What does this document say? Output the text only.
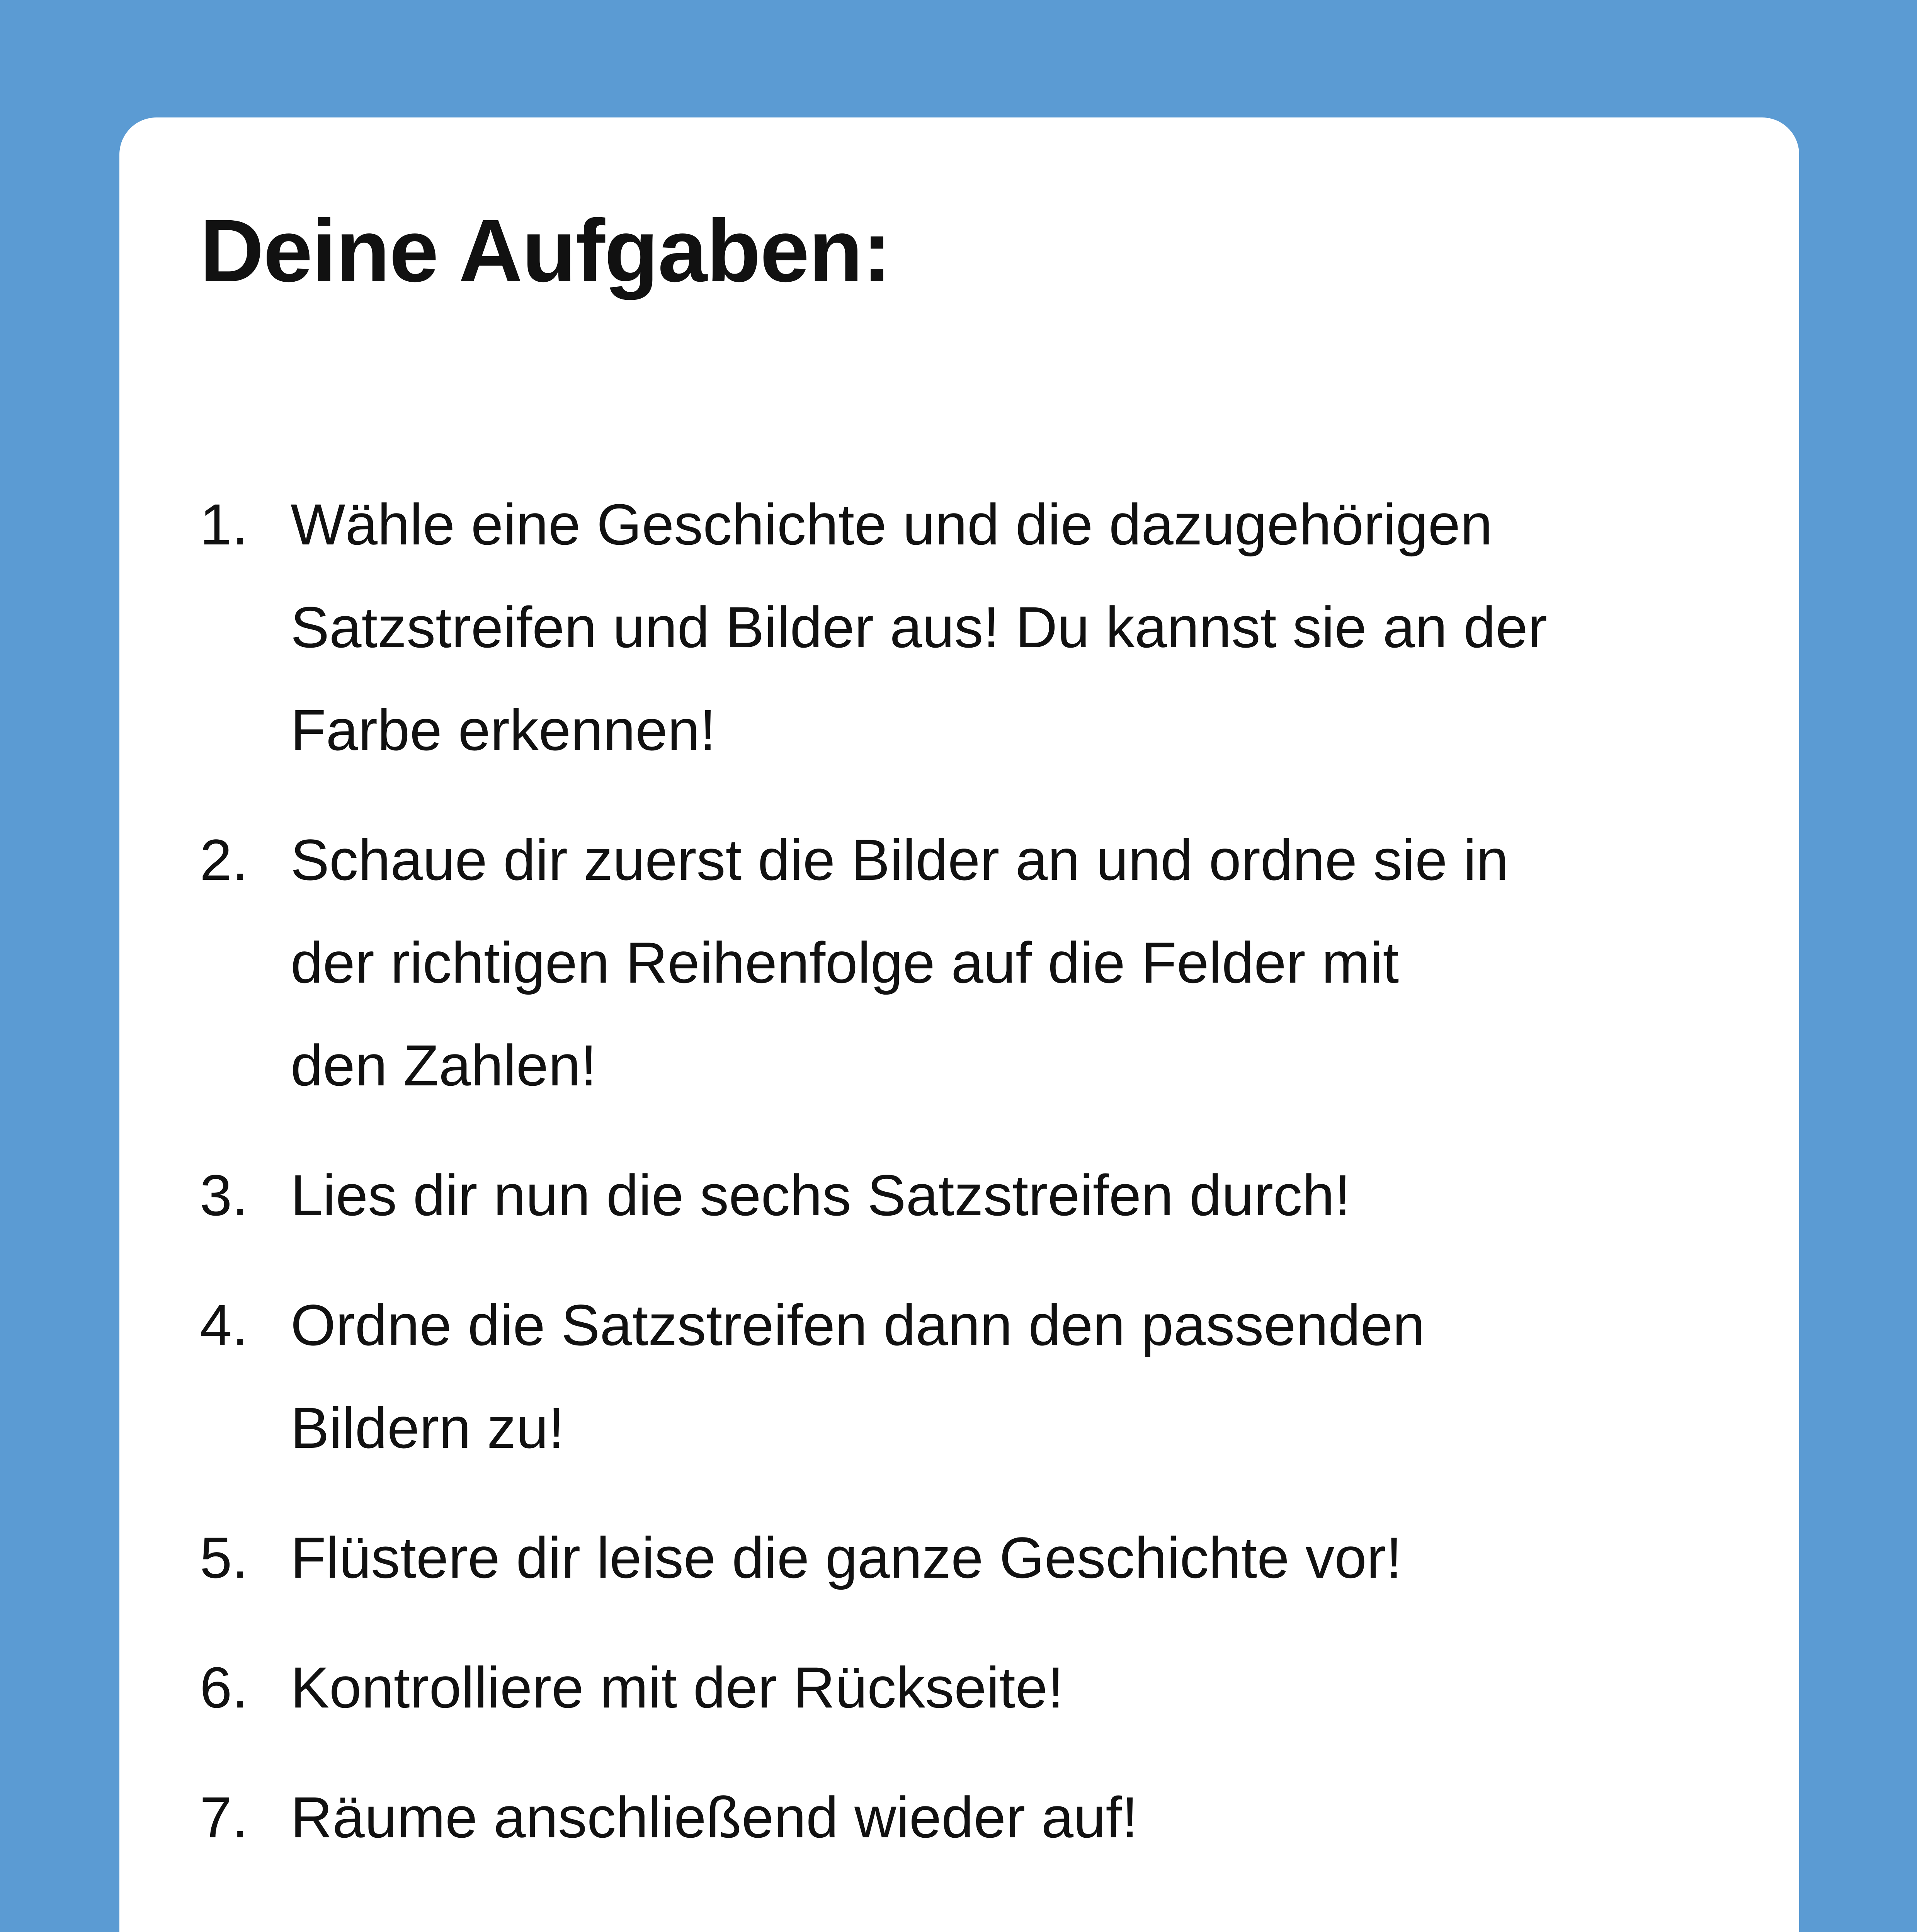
Deine Aufgaben:
1. Wähle eine Geschichte und die dazugehörigen
Satzstreifen und Bilder aus! Du kannst sie an der
Farbe erkennen!
2. Schaue dir zuerst die Bilder an und ordne sie in
der richtigen Reihenfolge auf die Felder mit
den Zahlen!
3. Lies dir nun die sechs Satzstreifen durch!
4. Ordne die Satzstreifen dann den passenden
Bildern zu!
5. Flüstere dir leise die ganze Geschichte vor!
6. Kontrolliere mit der Rückseite!
7. Räume anschließend wieder auf!
